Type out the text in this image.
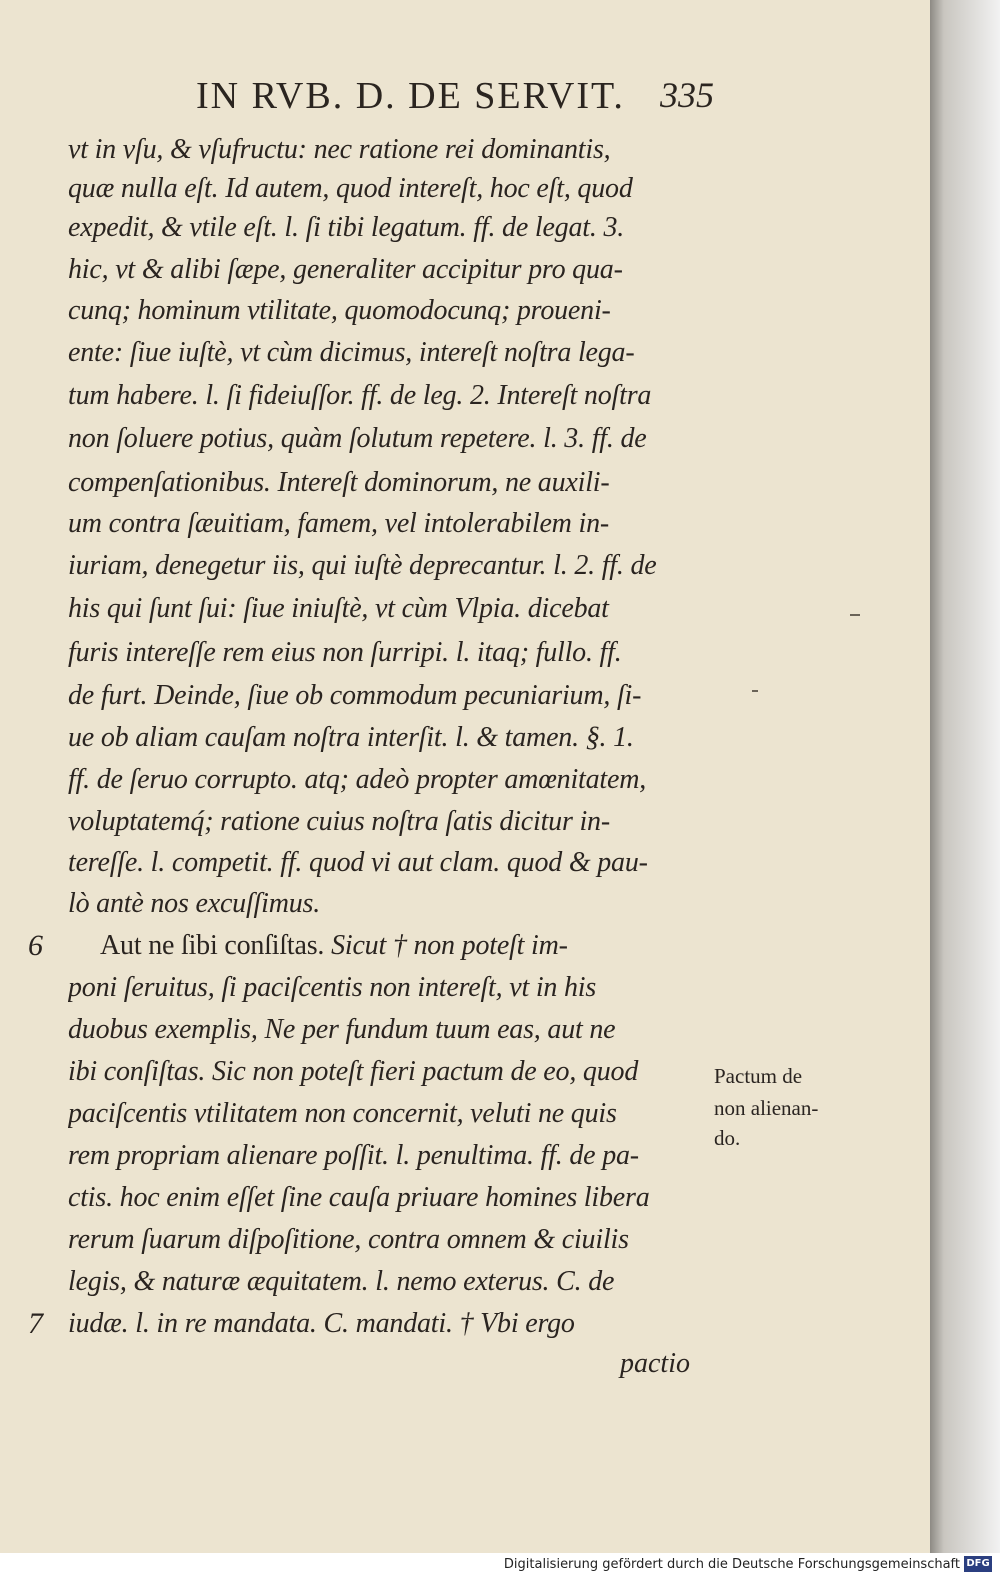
IN RVB. D. DE SERVIT. 335
vt in vſu, & vſufructu: nec ratione rei dominantis,
quæ nulla eſt. Id autem, quod intereſt, hoc eſt, quod
expedit, & vtile eſt. l. ſi tibi legatum. ff. de legat. 3.
hic, vt & alibi ſæpe, generaliter accipitur pro qua-
cunq; hominum vtilitate, quomodocunq; proueni-
ente: ſiue iuſtè, vt cùm dicimus, intereſt noſtra lega-
tum habere. l. ſi fideiuſſor. ff. de leg. 2. Intereſt noſtra
non ſoluere potius, quàm ſolutum repetere. l. 3. ff. de
compenſationibus. Intereſt dominorum, ne auxili-
um contra ſæuitiam, famem, vel intolerabilem in-
iuriam, denegetur iis, qui iuſtè deprecantur. l. 2. ff. de
his qui ſunt ſui: ſiue iniuſtè, vt cùm Vlpia. dicebat
furis intereſſe rem eius non ſurripi. l. itaq; fullo. ff.
de furt. Deinde, ſiue ob commodum pecuniarium, ſi-
ue ob aliam cauſam noſtra interſit. l. & tamen. §. 1.
ff. de ſeruo corrupto. atq; adeò propter amœnitatem,
voluptatemq́; ratione cuius noſtra ſatis dicitur in-
tereſſe. l. competit. ff. quod vi aut clam. quod & pau-
lò antè nos excuſſimus.
6 Aut ne ſibi conſiſtas. Sicut † non poteſt im-
poni ſeruitus, ſi paciſcentis non intereſt, vt in his
duobus exemplis, Ne per fundum tuum eas, aut ne
ibi conſiſtas. Sic non poteſt fieri pactum de eo, quod
paciſcentis vtilitatem non concernit, veluti ne quis
rem propriam alienare poſſit. l. penultima. ff. de pa-
ctis. hoc enim eſſet ſine cauſa priuare homines libera
rerum ſuarum diſpoſitione, contra omnem & ciuilis
legis, & naturæ æquitatem. l. nemo exterus. C. de
7 iudæ. l. in re mandata. C. mandati. † Vbi ergo
pactio
Pactum de
non alienan-
do.
Digitalisierung gefördert durch die Deutsche Forschungsgemeinschaft DFG
